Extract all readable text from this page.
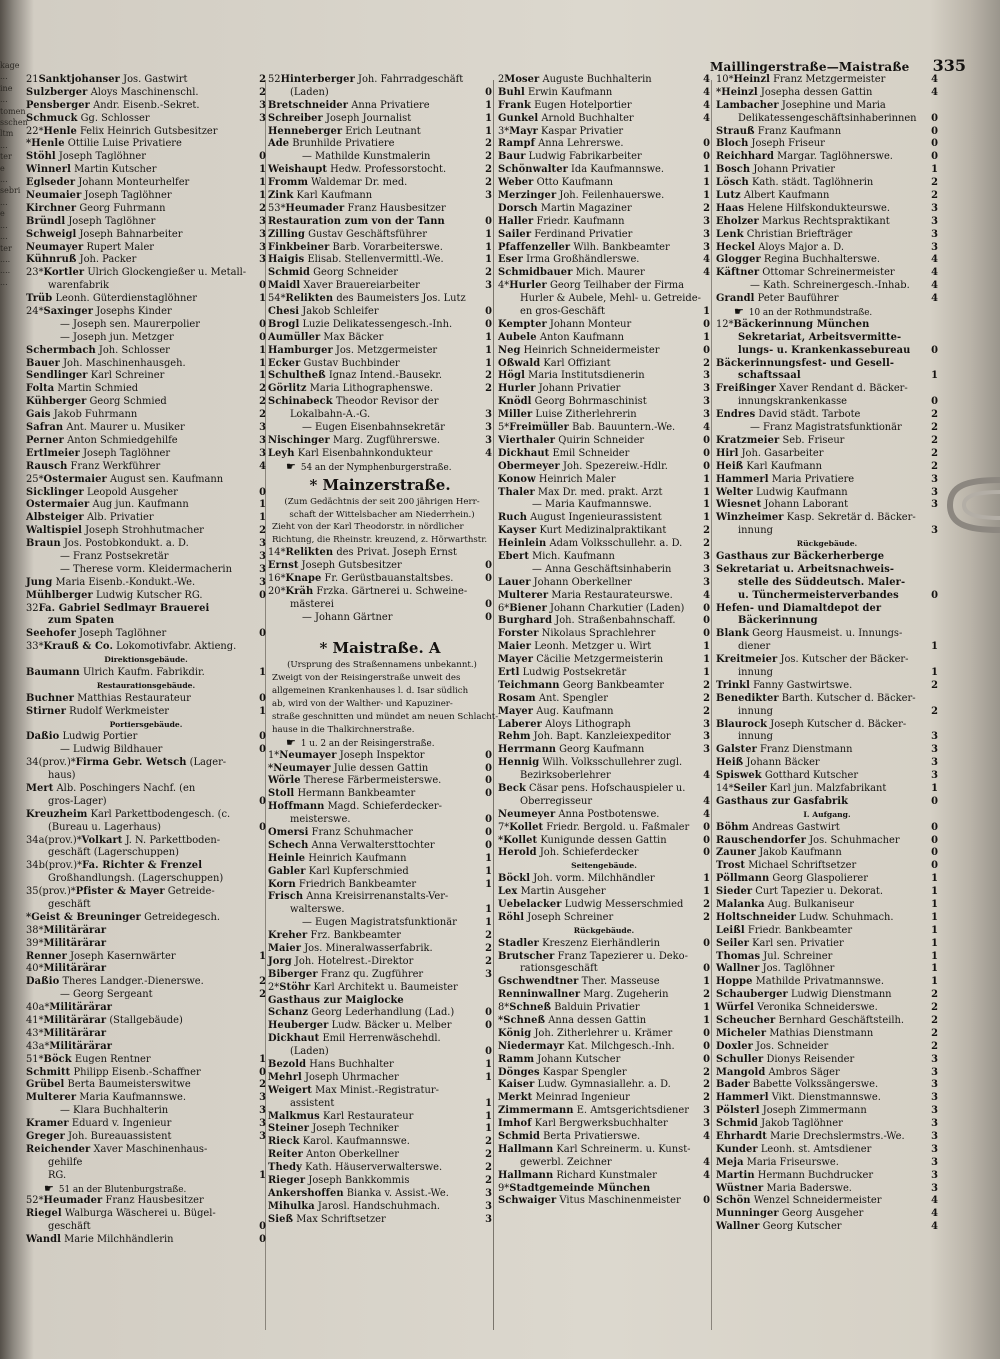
kage
...
ine
...
tomen
sschen
ltm
...
ter
e
...
sebri
...
e
...
...
ter
....
....
...
Maillingerstraße—Maistraße 335
21Sanktjohanser Jos. Gastwirt	2
Sulzberger Aloys Maschinenschl.	2
Pensberger Andr. Eisenb.-Sekret.	3
Schmuck Gg. Schlosser	3
22*Henle Felix Heinrich Gutsbesitzer
*Henle Ottilie Luise Privatiere
Stöhl Joseph Taglöhner	0
Winnerl Martin Kutscher	1
Eglseder Johann Monteurhelfer	1
Neumaier Joseph Taglöhner	1
Kirchner Georg Fuhrmann	2
Bründl Joseph Taglöhner	3
Schweigl Joseph Bahnarbeiter	3
Neumayer Rupert Maler	3
Kühnruß Joh. Packer	3
23*Kortler Ulrich Glockengießer u. Metall-
warenfabrik	0
Trüb Leonh. Güterdienstaglöhner	1
24*Saxinger Josephs Kinder
— Joseph sen. Maurerpolier	0
— Joseph jun. Metzger	0
Schermbach Joh. Schlosser	1
Bauer Joh. Maschinenhausgeh.	1
Sendlinger Karl Schreiner	1
Folta Martin Schmied	2
Kühberger Georg Schmied	2
Gais Jakob Fuhrmann	2
Safran Ant. Maurer u. Musiker	3
Perner Anton Schmiedgehilfe	3
Ertlmeier Joseph Taglöhner	3
Rausch Franz Werkführer	4
25*Ostermaier August sen. Kaufmann
Sicklinger Leopold Ausgeher	0
Ostermaier Aug jun. Kaufmann	1
Albsteiger Alb. Privatier	1
Waltispiel Joseph Strohhutmacher	2
Braun Jos. Postobkondukt. a. D.	3
— Franz Postsekretär	3
— Therese vorm. Kleidermacherin	3
Jung Maria Eisenb.-Kondukt.-We.	3
Mühlberger Ludwig Kutscher RG.	0
32Fa. Gabriel Sedlmayr Brauerei
zum Spaten
Seehofer Joseph Taglöhner	0
33*Krauß & Co. Lokomotivfabr. Aktieng.
Direktionsgebäude.
Baumann Ulrich Kaufm. Fabrikdir.	1
Restaurationsgebäude.
Buchner Matthias Restaurateur	0
Stirner Rudolf Werkmeister	1
Portiersgebäude.
Daßio Ludwig Portier	0
— Ludwig Bildhauer	0
34(prov.)*Firma Gebr. Wetsch (Lager-
haus)
Mert Alb. Poschingers Nachf. (en
gros-Lager)	0
Kreuzheim Karl Parkettbodengesch. (c.
(Bureau u. Lagerhaus)	0
34a(prov.)*Volkart J. N. Parkettboden-
geschäft (Lagerschuppen)
34b(prov.)*Fa. Richter & Frenzel
Großhandlungsh. (Lagerschuppen)
35(prov.)*Pfister & Mayer Getreide-
geschäft
*Geist & Breuninger Getreidegesch.
38*Militärärar
39*Militärärar
Renner Joseph Kasernwärter	1
40*Militärärar
Daßio Theres Landger.-Dienerswe.	2
— Georg Sergeant	2
40a*Militärärar
41*Militärärar (Stallgebäude)
43*Militärärar
43a*Militärärar
51*Böck Eugen Rentner	1
Schmitt Philipp Eisenb.-Schaffner	0
Grübel Berta Baumeisterswitwe	2
Multerer Maria Kaufmannswe.	3
— Klara Buchhalterin	3
Kramer Eduard v. Ingenieur	3
Greger Joh. Bureauassistent	3
Reichender Xaver Maschinenhaus-
gehilfe
RG.	1
☛ 51 an der Blutenburgstraße.
52*Heumader Franz Hausbesitzer
Riegel Walburga Wäscherei u. Bügel-
geschäft	0
Wandl Marie Milchhändlerin	0
52Hinterberger Joh. Fahrradgeschäft
(Laden)	0
Bretschneider Anna Privatiere	1
Schreiber Joseph Journalist	1
Henneberger Erich Leutnant	1
Ade Brunhilde Privatiere	2
— Mathilde Kunstmalerin	2
Weishaupt Hedw. Professorstocht.	2
Fromm Waldemar Dr. med.	2
Zink Karl Kaufmann	3
53*Heumader Franz Hausbesitzer
Restauration zum von der Tann	0
Zilling Gustav Geschäftsführer	1
Finkbeiner Barb. Vorarbeiterswe.	1
Haigis Elisab. Stellenvermittl.-We.	1
Schmid Georg Schneider	2
Maidl Xaver Brauereiarbeiter	3
54*Relikten des Baumeisters Jos. Lutz
Chesi Jakob Schleifer	0
Brogl Luzie Delikatessengesch.-Inh.	0
Aumüller Max Bäcker	1
Hamburger Jos. Metzgermeister	1
Ecker Gustav Buchbinder	1
Schultheß Ignaz Intend.-Bausekr.	2
Görlitz Maria Lithographenswe.	2
Schinabeck Theodor Revisor der
Lokalbahn-A.-G.	3
— Eugen Eisenbahnsekretär	3
Nischinger Marg. Zugführerswe.	3
Leyh Karl Eisenbahnkondukteur	4
☛ 54 an der Nymphenburgerstraße.
* Mainzerstraße.
(Zum Gedächtnis der seit 200 jährigen Herr-
schaft der Wittelsbacher am Niederrhein.)
Zieht von der Karl Theodorstr. in nördlicher
Richtung, die Rheinstr. kreuzend, z. Hörwarthstr.
14*Relikten des Privat. Joseph Ernst
Ernst Joseph Gutsbesitzer	0
16*Knape Fr. Gerüstbauanstaltsbes.	0
20*Kräh Frzka. Gärtnerei u. Schweine-
mästerei	0
— Johann Gärtner	0
* Maistraße. A
(Ursprung des Straßennamens unbekannt.)
Zweigt von der Reisingerstraße unweit des
allgemeinen Krankenhauses l. d. Isar südlich
ab, wird von der Walther- und Kapuziner-
straße geschnitten und mündet am neuen Schlacht-
hause in die Thalkirchnerstraße.
☛ 1 u. 2 an der Reisingerstraße.
1*Neumayer Joseph Inspektor	0
*Neumayer Julie dessen Gattin	0
Wörle Therese Färbermeisterswe.	0
Stoll Hermann Bankbeamter	0
Hoffmann Magd. Schieferdecker-
meisterswe.	0
Omersi Franz Schuhmacher	0
Schech Anna Verwaltersttochter	0
Heinle Heinrich Kaufmann	1
Gabler Karl Kupferschmied	1
Korn Friedrich Bankbeamter	1
Frisch Anna Kreisirrenanstalts-Ver-
walterswe.	1
— Eugen Magistratsfunktionär	1
Kreher Frz. Bankbeamter	2
Maier Jos. Mineralwasserfabrik.	2
Jorg Joh. Hotelrest.-Direktor	2
Biberger Franz qu. Zugführer	3
2*Stöhr Karl Architekt u. Baumeister
Gasthaus zur Maiglocke
Schanz Georg Lederhandlung (Lad.)	0
Heuberger Ludw. Bäcker u. Melber	0
Dickhaut Emil Herrenwäschehdl.
(Laden)	0
Bezold Hans Buchhalter	1
Mehrl Joseph Uhrmacher	1
Weigert Max Minist.-Registratur-
assistent	1
Malkmus Karl Restaurateur	1
Steiner Joseph Techniker	1
Rieck Karol. Kaufmannswe.	2
Reiter Anton Oberkellner	2
Thedy Kath. Häuserverwalterswe.	2
Rieger Joseph Bankkommis	2
Ankershoffen Bianka v. Assist.-We.	3
Mihulka Jarosl. Handschuhmach.	3
Sieß Max Schriftsetzer	3
2Moser Auguste Buchhalterin	4
Buhl Erwin Kaufmann	4
Frank Eugen Hotelportier	4
Gunkel Arnold Buchhalter	4
3*Mayr Kaspar Privatier
Rampf Anna Lehrerswe.	0
Baur Ludwig Fabrikarbeiter	0
Schönwalter Ida Kaufmannswe.	1
Weber Otto Kaufmann	1
Merzinger Joh. Feilenhauerswe.	1
Dorsch Martin Magaziner	2
Haller Friedr. Kaufmann	3
Sailer Ferdinand Privatier	3
Pfaffenzeller Wilh. Bankbeamter	3
Eser Irma Großhändlerswe.	4
Schmidbauer Mich. Maurer	4
4*Hurler Georg Teilhaber der Firma
Hurler & Aubele, Mehl- u. Getreide-
en gros-Geschäft	1
Kempter Johann Monteur	0
Aubele Anton Kaufmann	1
Neg Heinrich Schneidermeister	0
Oßwald Karl Offiziant	2
Högl Maria Institutsdienerin	3
Hurler Johann Privatier	3
Knödl Georg Bohrmaschinist	3
Miller Luise Zitherlehrerin	3
5*Freimüller Bab. Bauuntern.-We.	4
Vierthaler Quirin Schneider	0
Dickhaut Emil Schneider	0
Obermeyer Joh. Spezereiw.-Hdlr.	0
Konow Heinrich Maler	1
Thaler Max Dr. med. prakt. Arzt	1
— Maria Kaufmannswe.	1
Ruch August Ingenieurassistent	1
Kayser Kurt Medizinalpraktikant	2
Heinlein Adam Volksschullehr. a. D. 2
Ebert Mich. Kaufmann	3
— Anna Geschäftsinhaberin	3
Lauer Johann Oberkellner	3
Multerer Maria Restaurateurswe.	4
6*Biener Johann Charkutier (Laden) 0
Burghard Joh. Straßenbahnschaff.	0
Forster Nikolaus Sprachlehrer	0
Maier Leonh. Metzger u. Wirt	1
Mayer Cäcilie Metzgermeisterin	1
Ertl Ludwig Postsekretär	1
Teichmann Georg Bankbeamter	2
Rosam Ant. Spengler	2
Mayer Aug. Kaufmann	2
Laberer Aloys Lithograph	3
Rehm Joh. Bapt. Kanzleiexpeditor	3
Herrmann Georg Kaufmann	3
Hennig Wilh. Volksschullehrer zugl.
Bezirksoberlehrer	4
Beck Cäsar pens. Hofschauspieler u.
Oberregisseur	4
Neumeyer Anna Postbotenswe.	4
7*Kollet Friedr. Bergold. u. Faßmaler 0
*Kollet Kunigunde dessen Gattin	0
Herold Joh. Schieferdecker	0
Seitengebäude.
Böckl Joh. vorm. Milchhändler	1
Lex Martin Ausgeher	1
Uebelacker Ludwig Messerschmied 2
Röhl Joseph Schreiner	2
Rückgebäude.
Stadler Kreszenz Eierhändlerin	0
Brutscher Franz Tapezierer u. Deko-
rationsgeschäft	0
Gschwendtner Ther. Masseuse	1
Renninwallner Marg. Zugeherin	2
8*Schneß Balduin Privatier	1
*Schneß Anna dessen Gattin	1
König Joh. Zitherlehrer u. Krämer	0
Niedermayr Kat. Milchgesch.-Inh.	0
Ramm Johann Kutscher	0
Dönges Kaspar Spengler	2
Kaiser Ludw. Gymnasiallehr. a. D.	2
Merkt Meinrad Ingenieur	2
Zimmermann E. Amtsgerichtsdiener 3
Imhof Karl Bergwerksbuchhalter	3
Schmid Berta Privatierswe.	4
Hallmann Karl Schreinerm. u. Kunst-
gewerbl. Zeichner	4
Hallmann Richard Kunstmaler	4
9*Stadtgemeinde München
Schwaiger Vitus Maschinenmeister 0
10*Heinzl Franz Metzgermeister	4
*Heinzl Josepha dessen Gattin	4
Lambacher Josephine und Maria
Delikatessengeschäftsinhaberinnen 0
Strauß Franz Kaufmann	0
Bloch Joseph Friseur	0
Reichhard Margar. Taglöhnerswe.	0
Bosch Johann Privatier	1
Lösch Kath. städt. Taglöhnerin	2
Lutz Albert Kaufmann	2
Haas Helene Hilfskondukteurswe.	3
Eholzer Markus Rechtspraktikant	3
Lenk Christian Briefträger	3
Heckel Aloys Major a. D.	3
Glogger Regina Buchhalterswe.	4
Käftner Ottomar Schreinermeister	4
— Kath. Schreinergesch.-Inhab. 4
Grandl Peter Bauführer	4
☛ 10 an der Rothmundstraße.
12*Bäckerinnung München
Sekretariat, Arbeitsvermitte-
lungs- u. Krankenkassebureau 0
Bäckerinnungsfest- und Gesell-
schaftssaal	1
Freißinger Xaver Rendant d. Bäcker-
innungskrankenkasse	0
Endres David städt. Tarbote	2
— Franz Magistratsfunktionär	2
Kratzmeier Seb. Friseur	2
Hirl Joh. Gasarbeiter	2
Heiß Karl Kaufmann	2
Hammerl Maria Privatiere	3
Welter Ludwig Kaufmann	3
Wiesnet Johann Laborant	3
Winzheimer Kasp. Sekretär d. Bäcker-
innung	3
Rückgebäude.
Gasthaus zur Bäckerherberge
Sekretariat u. Arbeitsnachweis-
stelle des Süddeutsch. Maler-
u. Tünchermeisterverbandes	0
Hefen- und Diamaltdepot der
Bäckerinnung
Blank Georg Hausmeist. u. Innungs-
diener	1
Kreitmeier Jos. Kutscher der Bäcker-
innung	1
Trinkl Fanny Gastwirtswe.	2
Benedikter Barth. Kutscher d. Bäcker-
innung	2
Blaurock Joseph Kutscher d. Bäcker-
innung	3
Galster Franz Dienstmann	3
Heiß Johann Bäcker	3
Spiswek Gotthard Kutscher	3
14*Seiler Karl jun. Malzfabrikant	1
Gasthaus zur Gasfabrik	0
I. Aufgang.
Böhm Andreas Gastwirt	0
Rauschendorfer Jos. Schuhmacher	0
Zauner Jakob Kaufmann	0
Trost Michael Schriftsetzer	0
Pöllmann Georg Glaspolierer	1
Sieder Curt Tapezier u. Dekorat.	1
Malanka Aug. Bulkaniseur	1
Holtschneider Ludw. Schuhmach.	1
Leißl Friedr. Bankbeamter	1
Seiler Karl sen. Privatier	1
Thomas Jul. Schreiner	1
Wallner Jos. Taglöhner	1
Hoppe Mathilde Privatmannswe.	1
Schauberger Ludwig Dienstmann	2
Würfel Veronika Schneiderswe.	2
Scheucher Bernhard Geschäftsteilh.	2
Micheler Mathias Dienstmann	2
Doxler Jos. Schneider	2
Schuller Dionys Reisender	3
Mangold Ambros Säger	3
Bader Babette Volkssängerswe.	3
Hammerl Vikt. Dienstmannswe.	3
Pölsterl Joseph Zimmermann	3
Schmid Jakob Taglöhner	3
Ehrhardt Marie Drechslermstrs.-We.	3
Kunder Leonh. st. Amtsdiener	3
Meja Maria Friseurswe.	3
Martin Hermann Buchdrucker	3
Wüstner Maria Baderswe.	3
Schön Wenzel Schneidermeister	4
Munninger Georg Ausgeher	4
Wallner Georg Kutscher	4
